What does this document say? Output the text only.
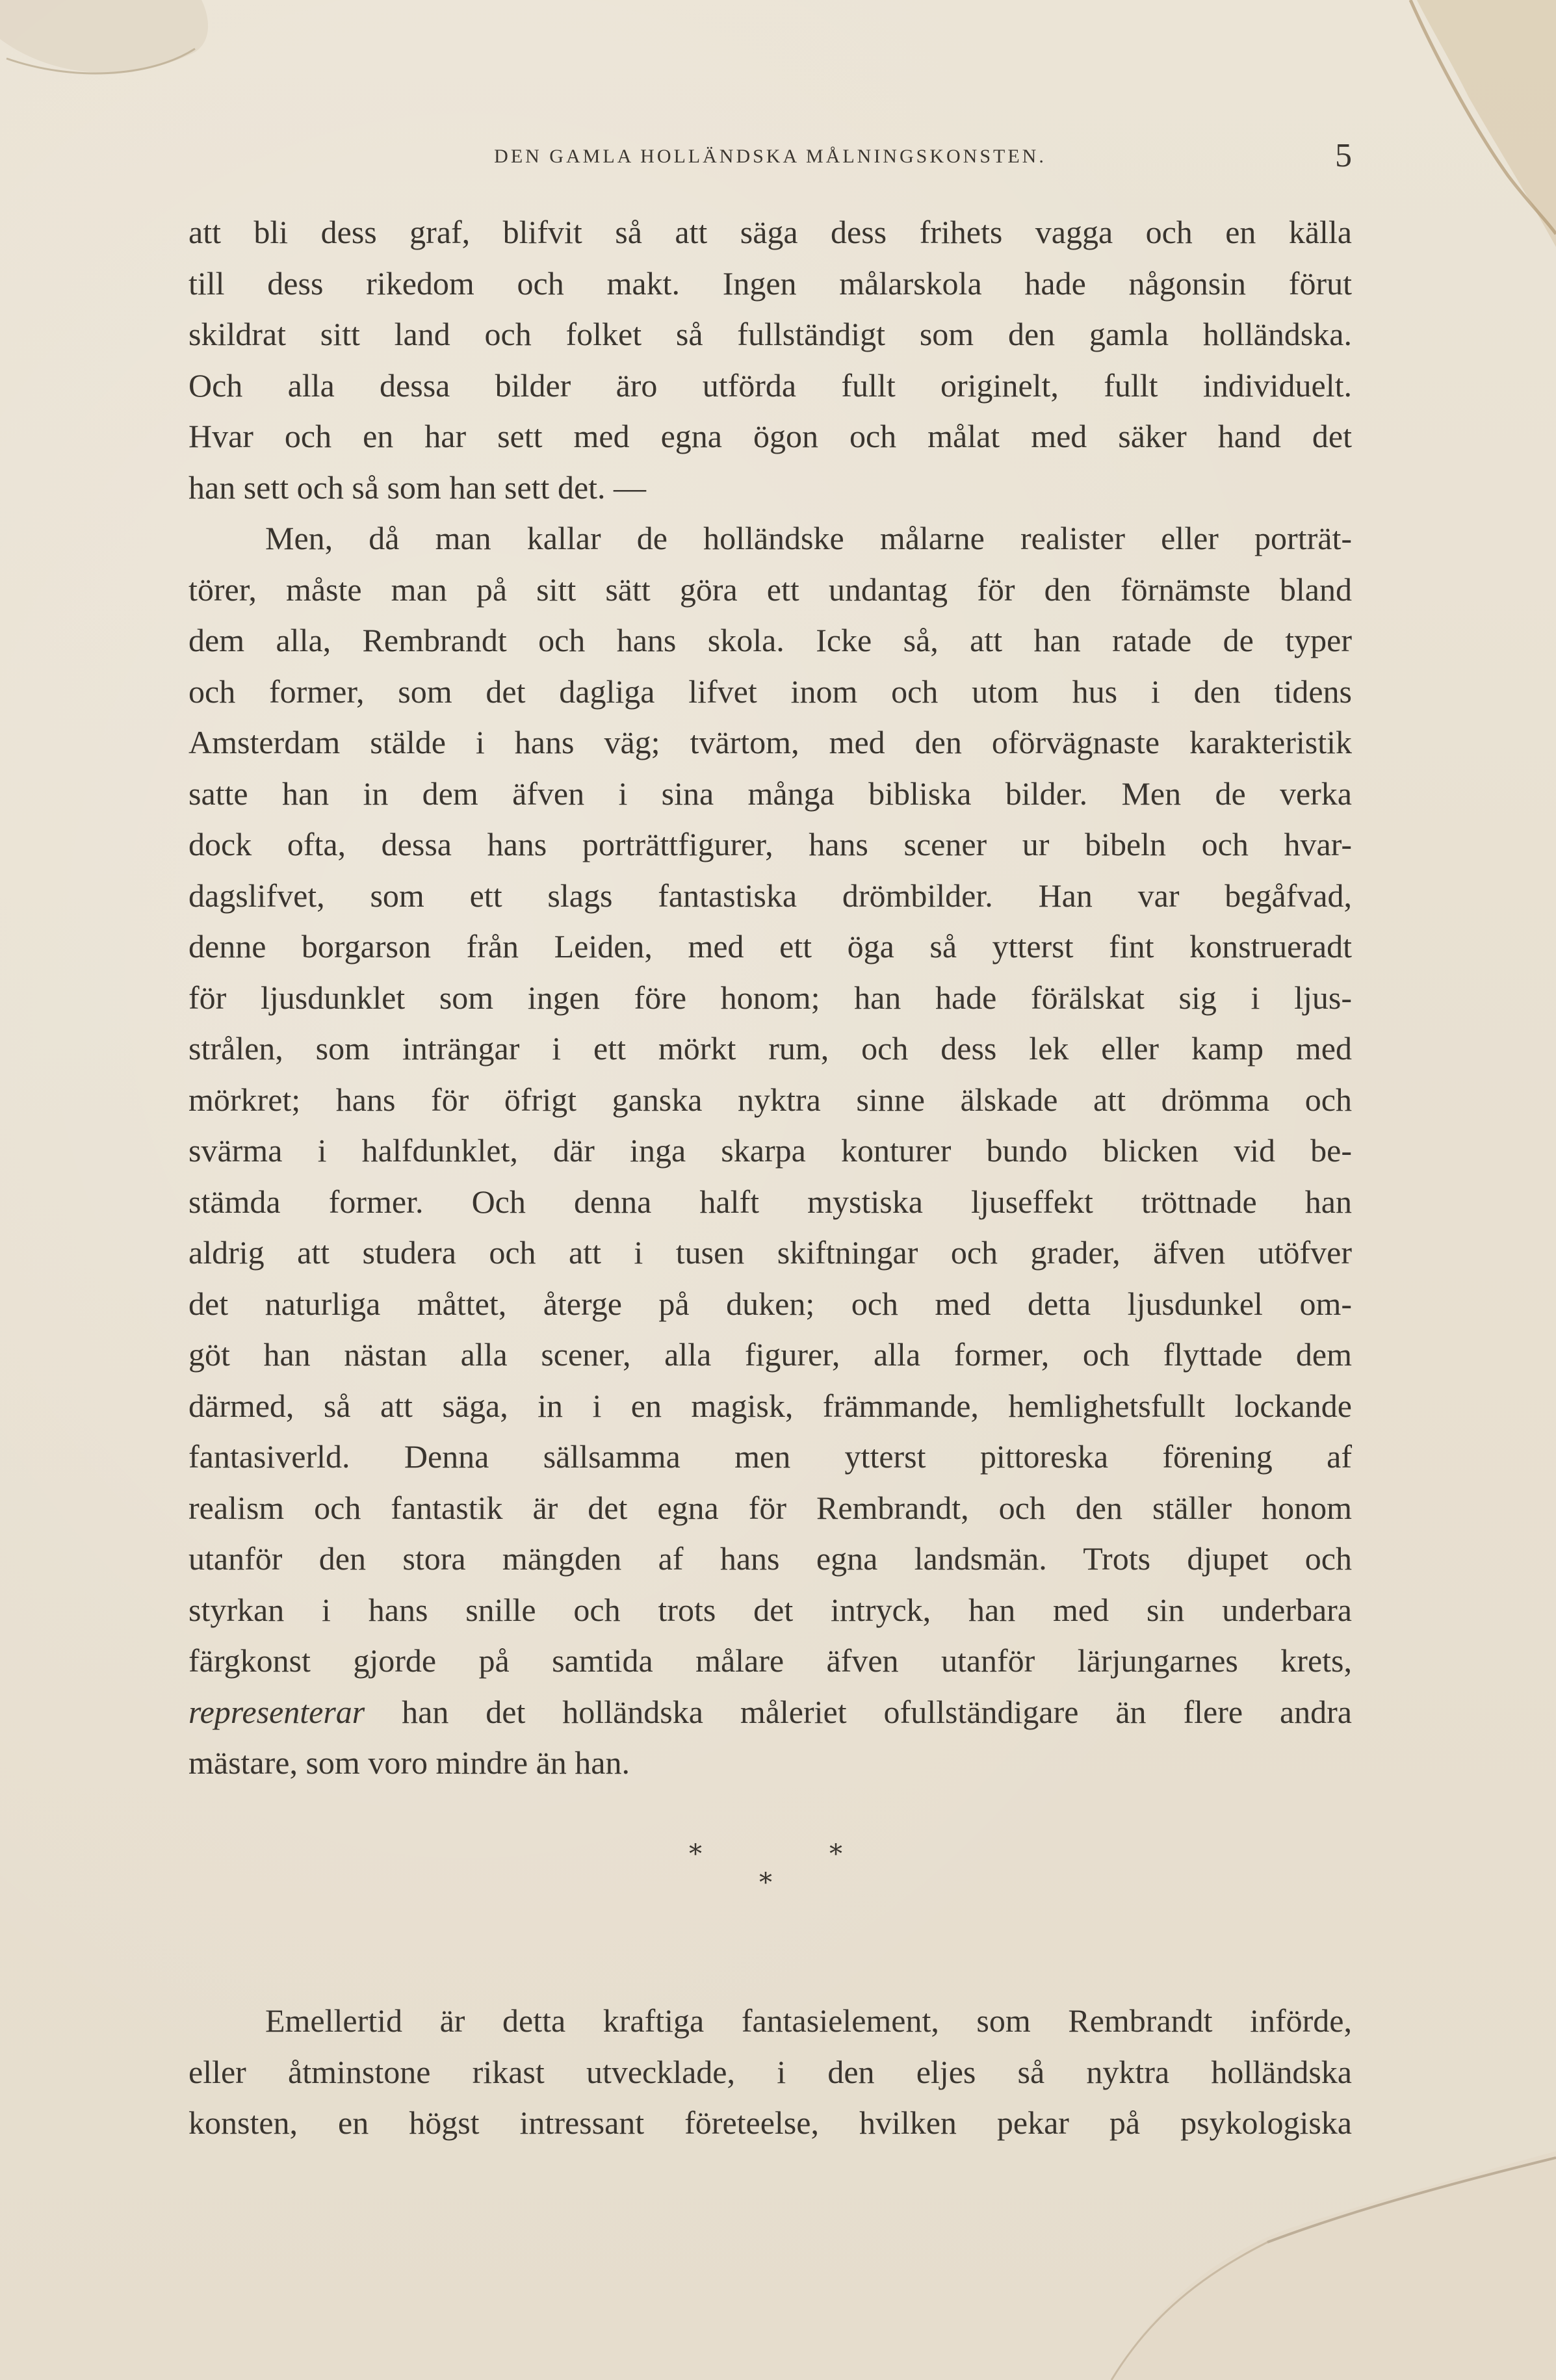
DEN GAMLA HOLLÄNDSKA MÅLNINGSKONSTEN.	5
att bli dess graf, blifvit så att säga dess frihets vagga och en källa
till dess rikedom och makt. Ingen målarskola hade någonsin förut
skildrat sitt land och folket så fullständigt som den gamla holländska.
Och alla dessa bilder äro utförda fullt originelt, fullt individuelt.
Hvar och en har sett med egna ögon och målat med säker hand det
han sett och så som han sett det. —
Men, då man kallar de holländske målarne realister eller porträt-
törer, måste man på sitt sätt göra ett undantag för den förnämste bland
dem alla, Rembrandt och hans skola. Icke så, att han ratade de typer
och former, som det dagliga lifvet inom och utom hus i den tidens
Amsterdam stälde i hans väg; tvärtom, med den oförvägnaste karakteristik
satte han in dem äfven i sina många bibliska bilder. Men de verka
dock ofta, dessa hans porträttfigurer, hans scener ur bibeln och hvar-
dagslifvet, som ett slags fantastiska drömbilder. Han var begåfvad,
denne borgarson från Leiden, med ett öga så ytterst fint konstrueradt
för ljusdunklet som ingen före honom; han hade förälskat sig i ljus-
strålen, som inträngar i ett mörkt rum, och dess lek eller kamp med
mörkret; hans för öfrigt ganska nyktra sinne älskade att drömma och
svärma i halfdunklet, där inga skarpa konturer bundo blicken vid be-
stämda former. Och denna halft mystiska ljuseffekt tröttnade han
aldrig att studera och att i tusen skiftningar och grader, äfven utöfver
det naturliga måttet, återge på duken; och med detta ljusdunkel om-
göt han nästan alla scener, alla figurer, alla former, och flyttade dem
därmed, så att säga, in i en magisk, främmande, hemlighetsfullt lockande
fantasiverld. Denna sällsamma men ytterst pittoreska förening af
realism och fantastik är det egna för Rembrandt, och den ställer honom
utanför den stora mängden af hans egna landsmän. Trots djupet och
styrkan i hans snille och trots det intryck, han med sin underbara
färgkonst gjorde på samtida målare äfven utanför lärjungarnes krets,
representerar han det holländska måleriet ofullständigare än flere andra
mästare, som voro mindre än han.
*	*
*
Emellertid är detta kraftiga fantasielement, som Rembrandt införde,
eller åtminstone rikast utvecklade, i den eljes så nyktra holländska
konsten, en högst intressant företeelse, hvilken pekar på psykologiska
